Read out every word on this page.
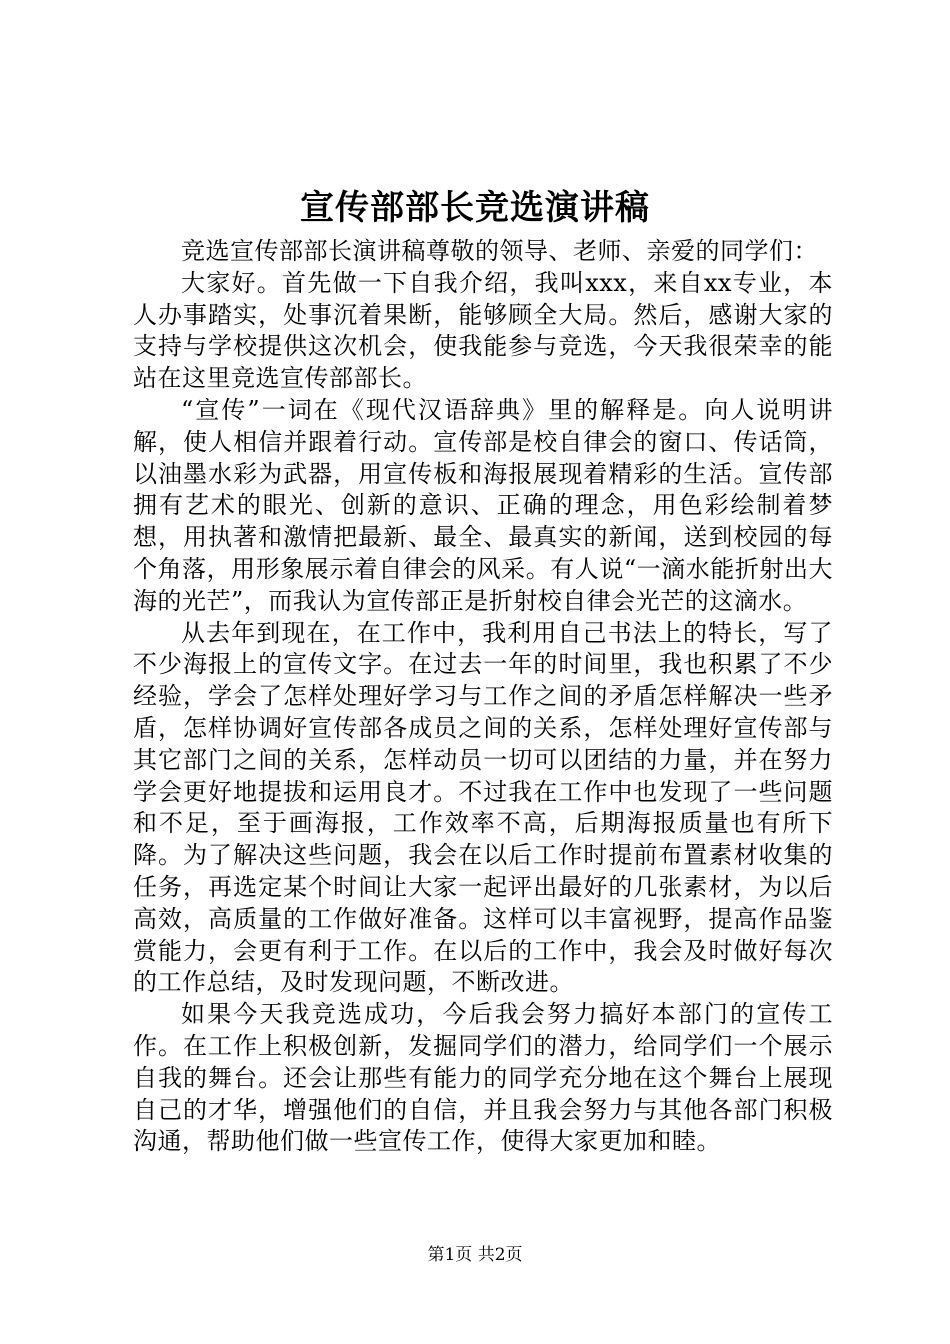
宣传部部长竞选演讲稿

竞选宣传部部长演讲稿尊敬的领导、老师、亲爱的同学们：

大家好。首先做一下自我介绍，我叫xxx，来自xx专业，本人办事踏实，处事沉着果断，能够顾全大局。然后，感谢大家的支持与学校提供这次机会，使我能参与竞选，今天我很荣幸的能站在这里竞选宣传部部长。

“宣传”一词在《现代汉语辞典》里的解释是。向人说明讲解，使人相信并跟着行动。宣传部是校自律会的窗口、传话筒，以油墨水彩为武器，用宣传板和海报展现着精彩的生活。宣传部拥有艺术的眼光、创新的意识、正确的理念，用色彩绘制着梦想，用执著和激情把最新、最全、最真实的新闻，送到校园的每个角落，用形象展示着自律会的风采。有人说“一滴水能折射出大海的光芒”，而我认为宣传部正是折射校自律会光芒的这滴水。

从去年到现在，在工作中，我利用自己书法上的特长，写了不少海报上的宣传文字。在过去一年的时间里，我也积累了不少经验，学会了怎样处理好学习与工作之间的矛盾怎样解决一些矛盾，怎样协调好宣传部各成员之间的关系，怎样处理好宣传部与其它部门之间的关系，怎样动员一切可以团结的力量，并在努力学会更好地提拔和运用良才。不过我在工作中也发现了一些问题和不足，至于画海报，工作效率不高，后期海报质量也有所下降。为了解决这些问题，我会在以后工作时提前布置素材收集的任务，再选定某个时间让大家一起评出最好的几张素材，为以后高效，高质量的工作做好准备。这样可以丰富视野，提高作品鉴赏能力，会更有利于工作。在以后的工作中，我会及时做好每次的工作总结，及时发现问题，不断改进。

如果今天我竞选成功，今后我会努力搞好本部门的宣传工作。在工作上积极创新，发掘同学们的潜力，给同学们一个展示自我的舞台。还会让那些有能力的同学充分地在这个舞台上展现自己的才华，增强他们的自信，并且我会努力与其他各部门积极沟通，帮助他们做一些宣传工作，使得大家更加和睦。

第1页 共2页
